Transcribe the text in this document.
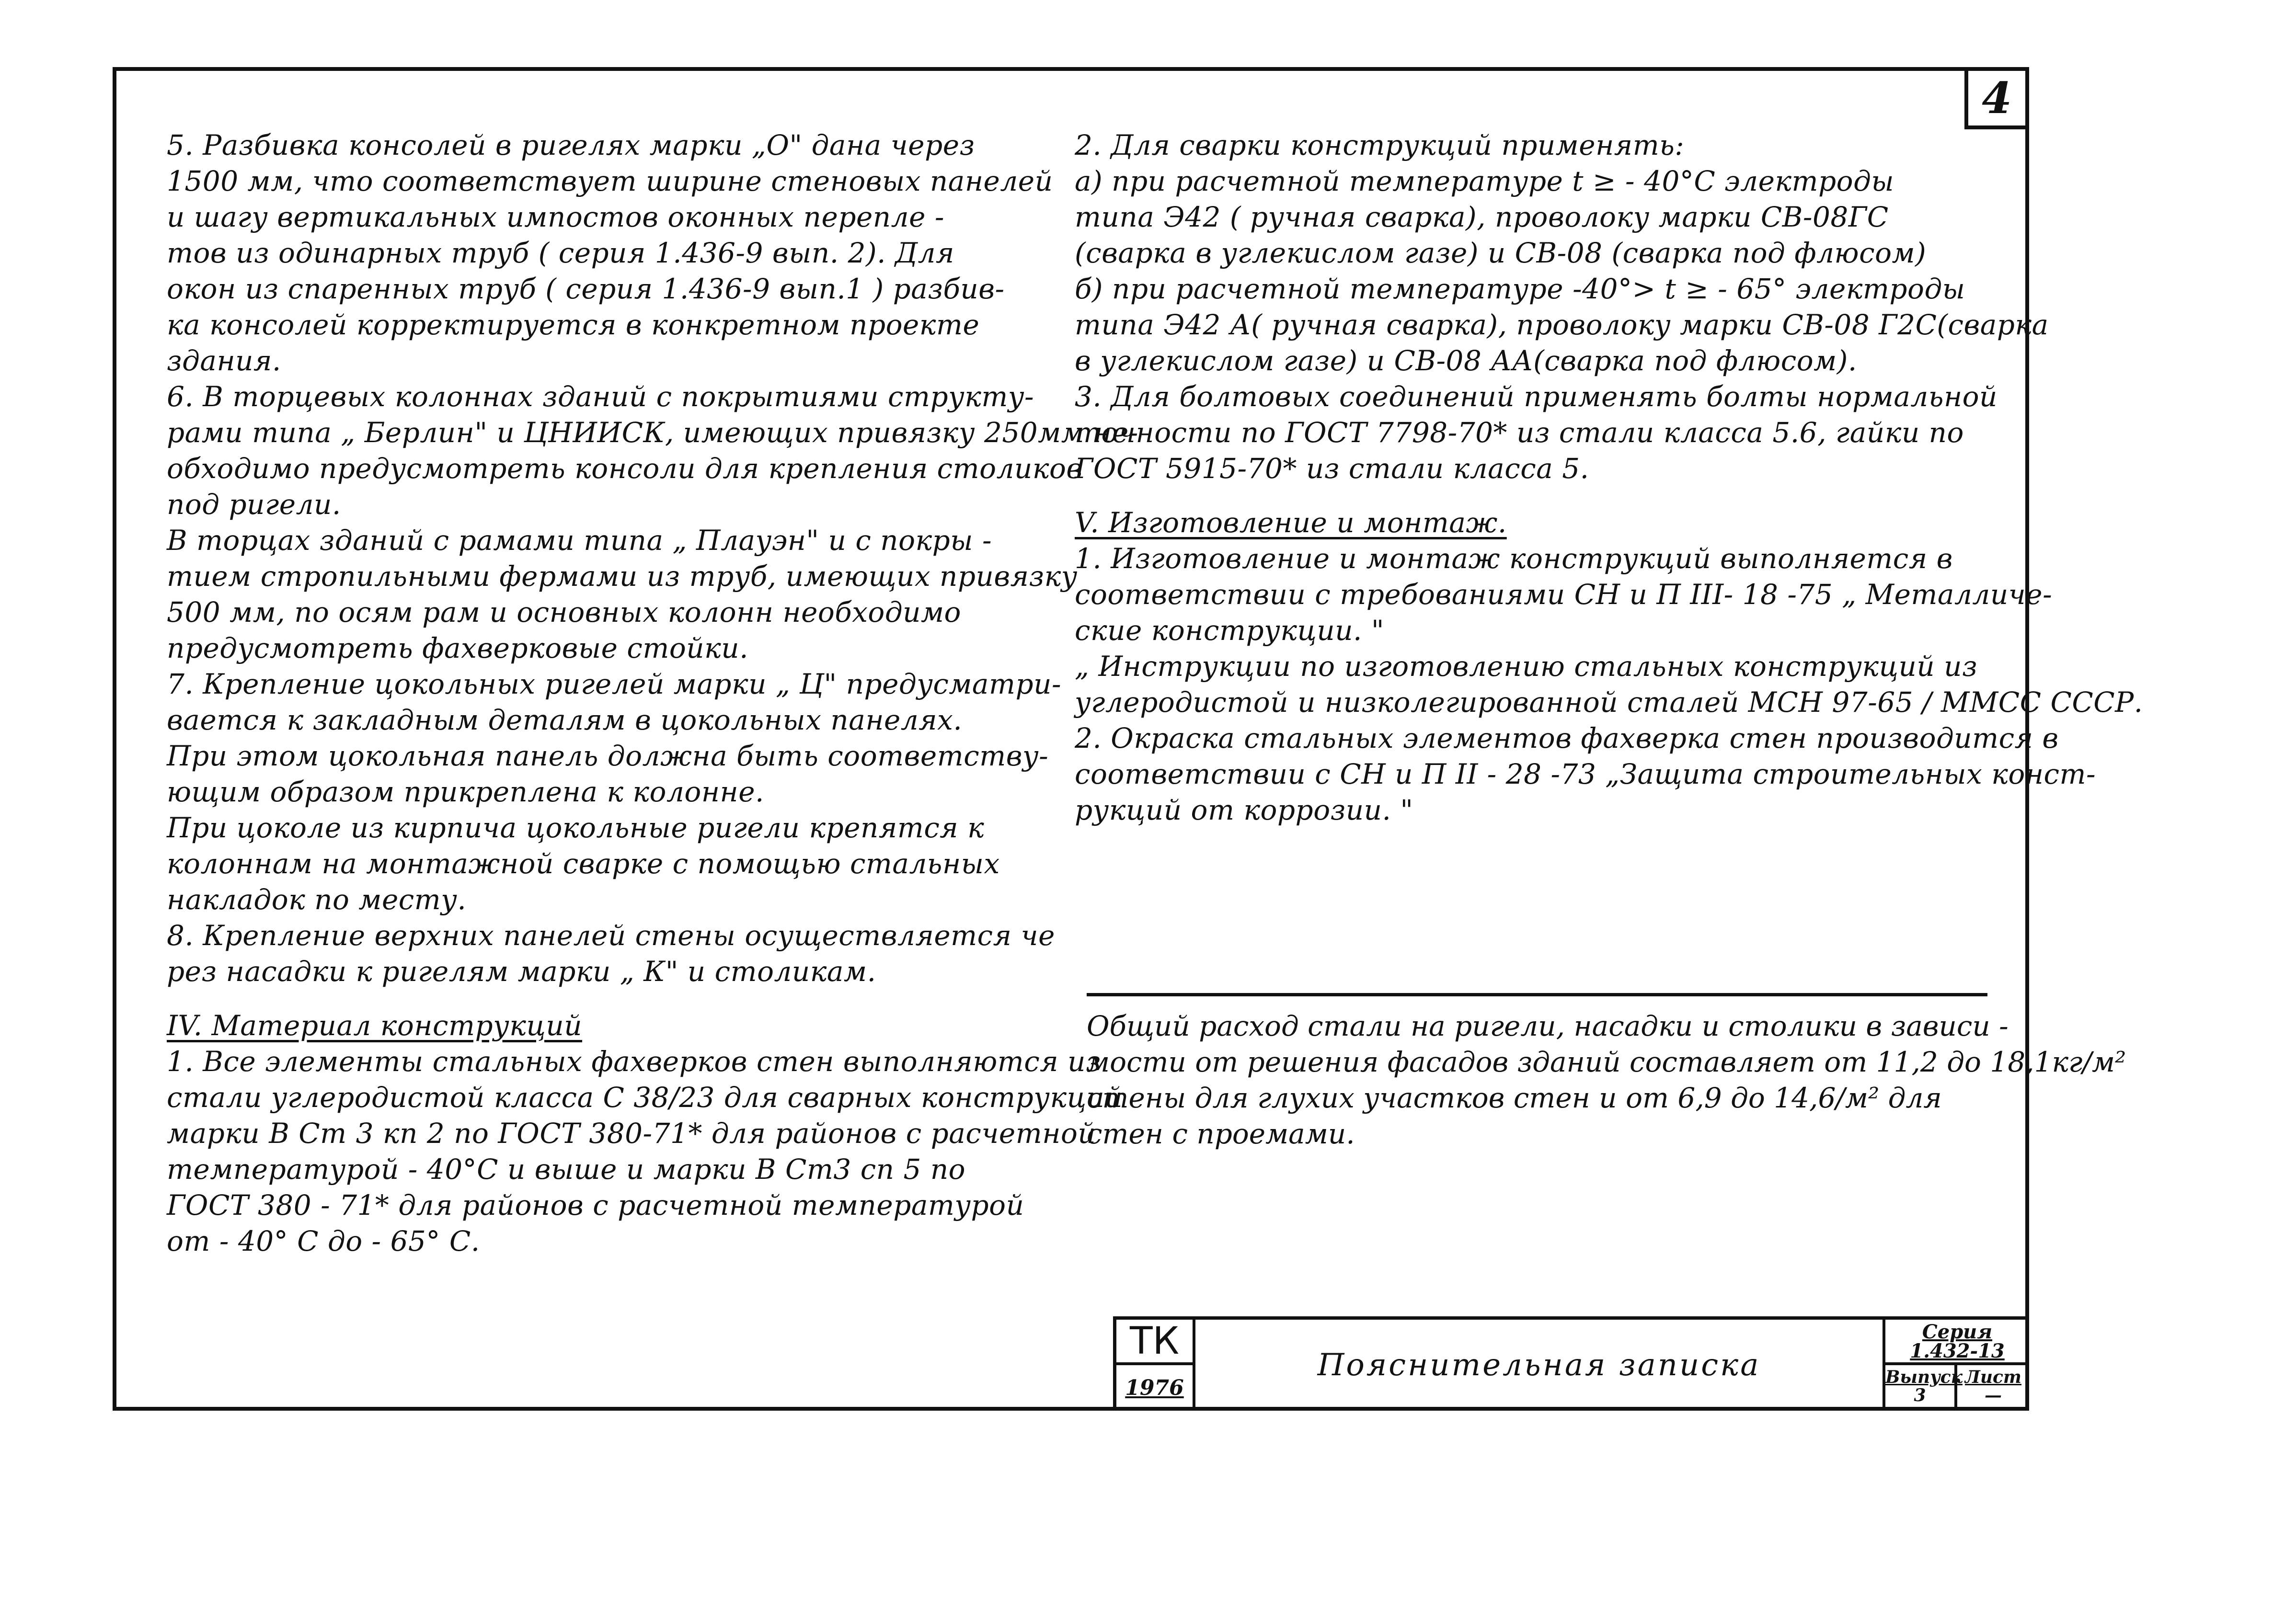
4
5. Разбивка консолей в ригелях марки „О" дана через
1500 мм, что соответствует ширине стеновых панелей
и шагу вертикальных импостов оконных перепле -
тов из одинарных труб ( серия 1.436-9 вып. 2). Для
окон из спаренных труб ( серия 1.436-9 вып.1 ) разбив-
ка консолей корректируется в конкретном проекте
здания.
6. В торцевых колоннах зданий с покрытиями структу-
рами типа „ Берлин" и ЦНИИСК, имеющих привязку 250мм не-
обходимо предусмотреть консоли для крепления столиков
под ригели.
В торцах зданий с рамами типа „ Плауэн" и с покры -
тием стропильными фермами из труб, имеющих привязку
500 мм, по осям рам и основных колонн необходимо
предусмотреть фахверковые стойки.
7. Крепление цокольных ригелей марки „ Ц" предусматри-
вается к закладным деталям в цокольных панелях.
При этом цокольная панель должна быть соответству-
ющим образом прикреплена к колонне.
При цоколе из кирпича цокольные ригели крепятся к
колоннам на монтажной сварке с помощью стальных
накладок по месту.
8. Крепление верхних панелей стены осуществляется че
рез насадки к ригелям марки „ К" и столикам.
IV. Материал конструкций
1. Все элементы стальных фахверков стен выполняются из
стали углеродистой класса С 38/23 для сварных конструкций
марки В Ст 3 кп 2 по ГОСТ 380-71* для районов с расчетной
температурой - 40°С и выше и марки В Ст3 сп 5 по
ГОСТ 380 - 71* для районов с расчетной температурой
от - 40° С до - 65° С.
2. Для сварки конструкций применять:
а) при расчетной температуре t ≥ - 40°С электроды
типа Э42 ( ручная сварка), проволоку марки СВ-08ГС
(сварка в углекислом газе) и СВ-08 (сварка под флюсом)
б) при расчетной температуре -40°> t ≥ - 65° электроды
типа Э42 А( ручная сварка), проволоку марки СВ-08 Г2С(сварка
в углекислом газе) и СВ-08 АА(сварка под флюсом).
3. Для болтовых соединений применять болты нормальной
точности по ГОСТ 7798-70* из стали класса 5.6, гайки по
ГОСТ 5915-70* из стали класса 5.
V. Изготовление и монтаж.
1. Изготовление и монтаж конструкций выполняется в
соответствии с требованиями СН и П III- 18 -75 „ Металличе-
ские конструкции. "
„ Инструкции по изготовлению стальных конструкций из
углеродистой и низколегированной сталей МСН 97-65 / ММСС СССР.
2. Окраска стальных элементов фахверка стен производится в
соответствии с СН и П II - 28 -73 „Защита строительных конст-
рукций от коррозии. "
Общий расход стали на ригели, насадки и столики в зависи -
мости от решения фасадов зданий составляет от 11,2 до 18,1кг/м²
стены для глухих участков стен и от 6,9 до 14,6/м² для
стен с проемами.
ТК
1976
Пояснительная записка
Серия
1.432-13
Выпуск
3
Лист
—
